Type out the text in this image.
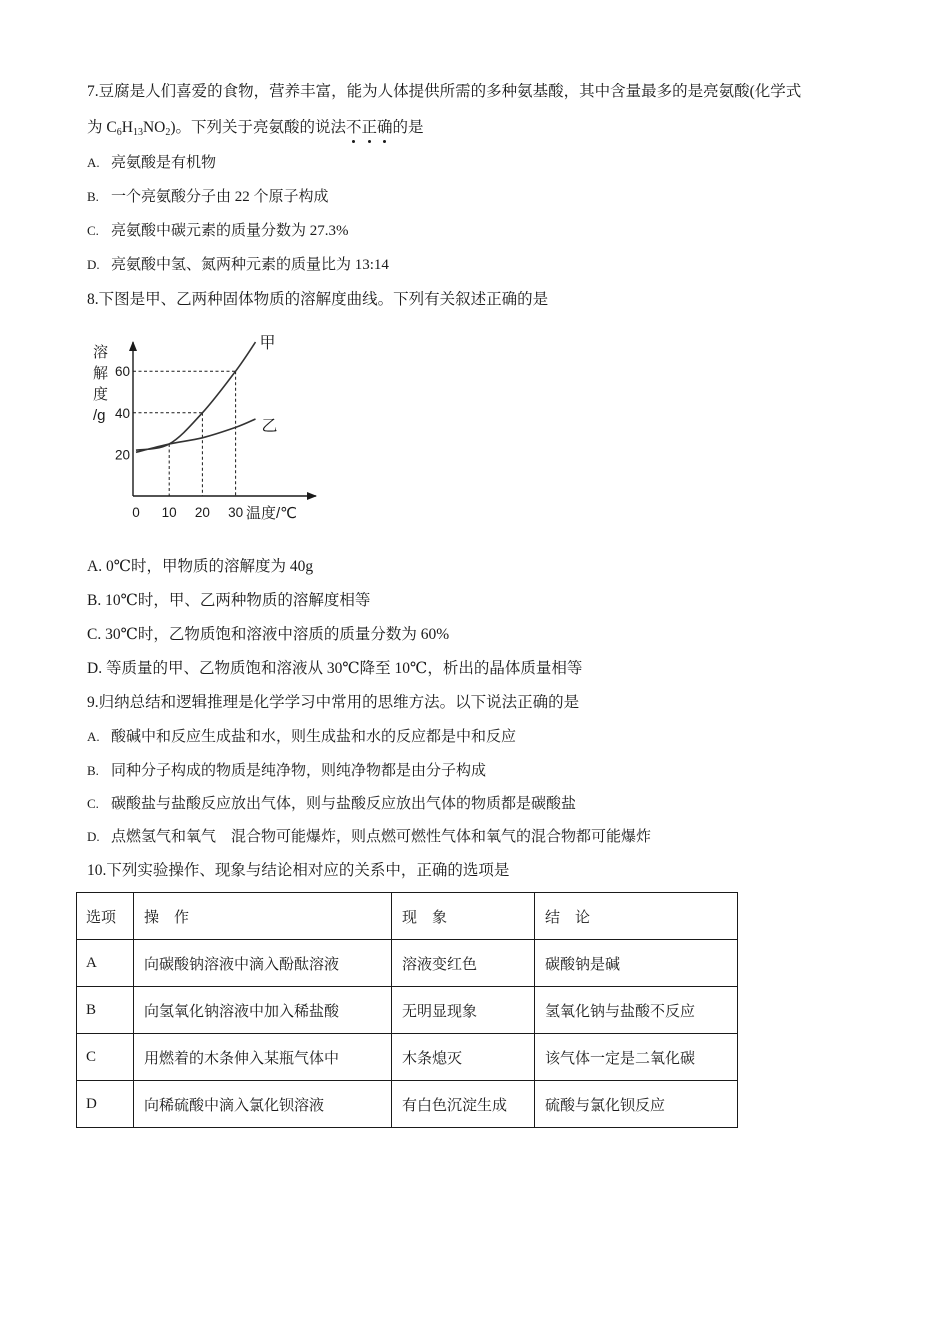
7.豆腐是人们喜爱的食物，营养丰富，能为人体提供所需的多种氨基酸，其中含量最多的是亮氨酸(化学式
为 $C_6H_{13}NO_2$)。下列关于亮氨酸的说法不正确的是
A. 亮氨酸是有机物
B. 一个亮氨酸分子由 22 个原子构成
C. 亮氨酸中碳元素的质量分数为 27.3%
D. 亮氨酸中氢、氮两种元素的质量比为 13:14
8.下图是甲、乙两种固体物质的溶解度曲线。下列有关叙述正确的是
甲
乙
溶
解
度
/g
20
40
60
0 10 20 30 温度/℃
A. 0℃时，甲物质的溶解度为 40g
B. 10℃时，甲、乙两种物质的溶解度相等
C. 30℃时，乙物质饱和溶液中溶质的质量分数为 60%
D. 等质量的甲、乙物质饱和溶液从 30℃降至 10℃，析出的晶体质量相等
9.归纳总结和逻辑推理是化学学习中常用的思维方法。以下说法正确的是
A. 酸碱中和反应生成盐和水，则生成盐和水的反应都是中和反应
B. 同种分子构成的物质是纯净物，则纯净物都是由分子构成
C. 碳酸盐与盐酸反应放出气体，则与盐酸反应放出气体的物质都是碳酸盐
D. 点燃氢气和氧气　混合物可能爆炸，则点燃可燃性气体和氧气的混合物都可能爆炸
10.下列实验操作、现象与结论相对应的关系中，正确的选项是
选项	操　作	现　象	结　论
A	向碳酸钠溶液中滴入酚酞溶液	溶液变红色	碳酸钠是碱
B	向氢氧化钠溶液中加入稀盐酸	无明显现象	氢氧化钠与盐酸不反应
C	用燃着的木条伸入某瓶气体中	木条熄灭	该气体一定是二氧化碳
D	向稀硫酸中滴入氯化钡溶液	有白色沉淀生成	硫酸与氯化钡反应
